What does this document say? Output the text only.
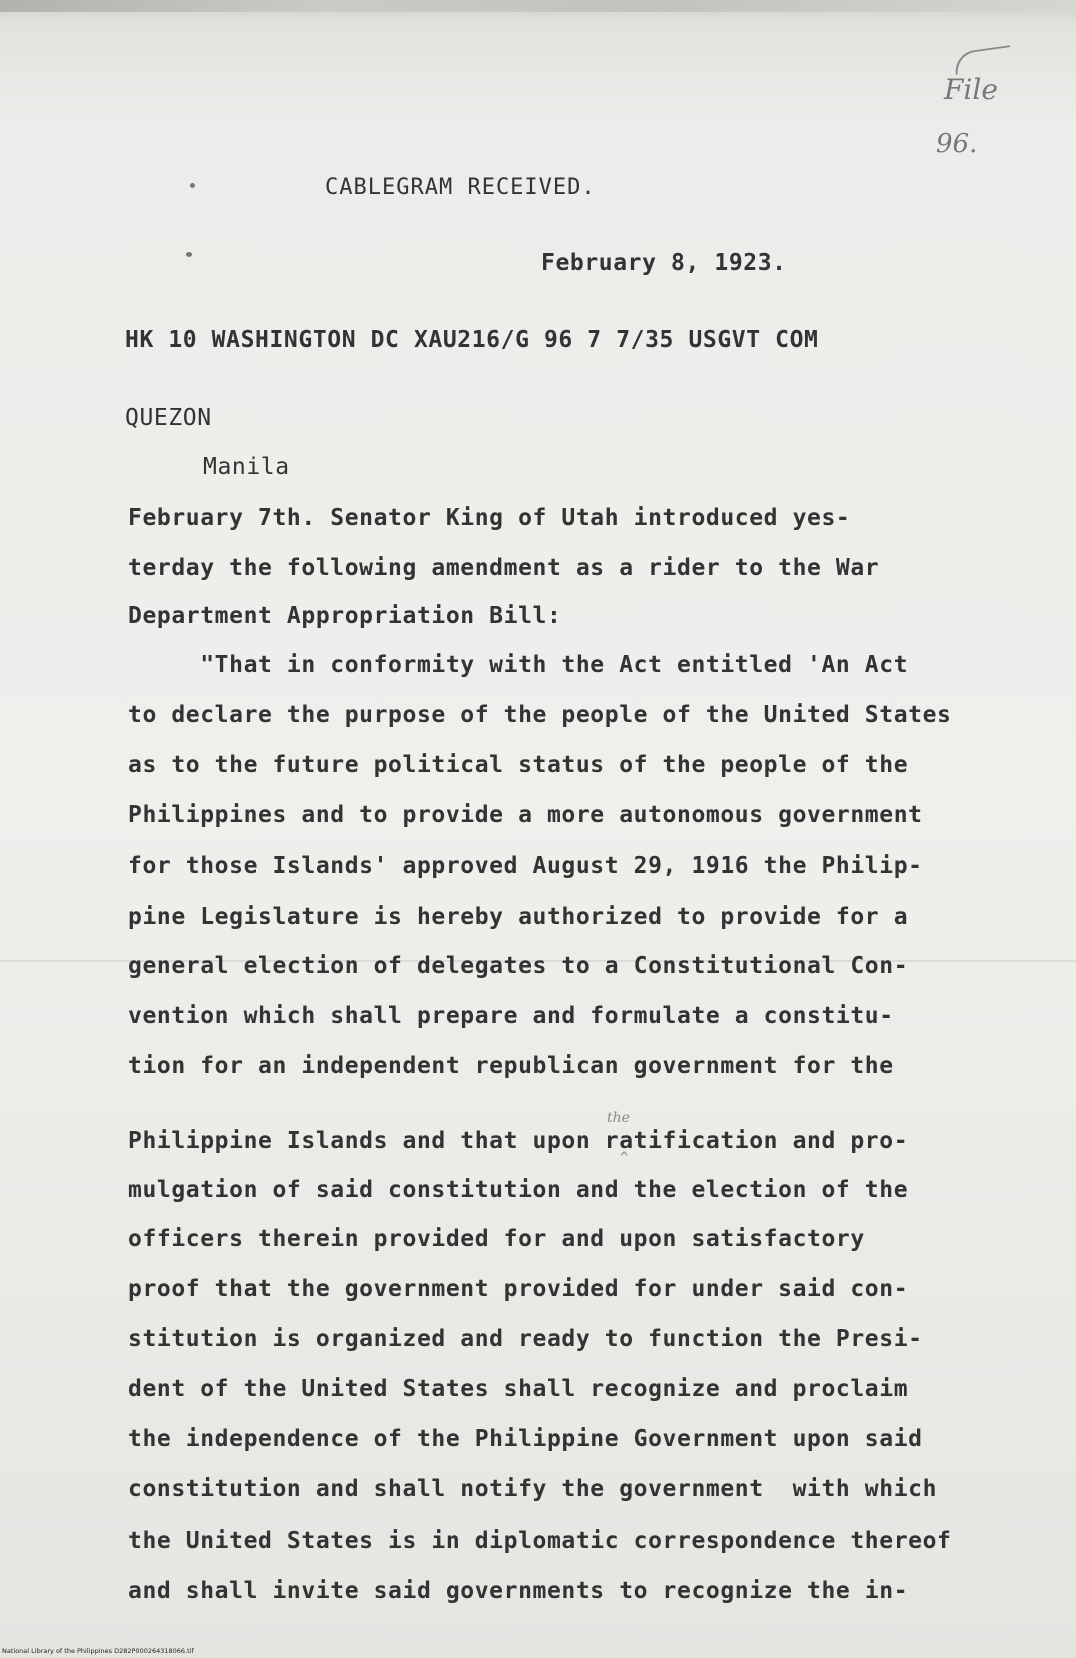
File
96.
CABLEGRAM RECEIVED.
February 8, 1923.
HK 10 WASHINGTON DC XAU216/G 96 7 7/35 USGVT COM
QUEZON
Manila
February 7th. Senator King of Utah introduced yes-
terday the following amendment as a rider to the War
Department Appropriation Bill:
"That in conformity with the Act entitled 'An Act
to declare the purpose of the people of the United States
as to the future political status of the people of the
Philippines and to provide a more autonomous government
for those Islands' approved August 29, 1916 the Philip-
pine Legislature is hereby authorized to provide for a
general election of delegates to a Constitutional Con-
vention which shall prepare and formulate a constitu-
tion for an independent republican government for the
Philippine Islands and that upon ratification and pro-
mulgation of said constitution and the election of the
officers therein provided for and upon satisfactory
proof that the government provided for under said con-
stitution is organized and ready to function the Presi-
dent of the United States shall recognize and proclaim
the independence of the Philippine Government upon said
constitution and shall notify the government  with which
the United States is in diplomatic correspondence thereof
and shall invite said governments to recognize the in-
the
^
National Library of the Philippines D282P000264318066.tif
